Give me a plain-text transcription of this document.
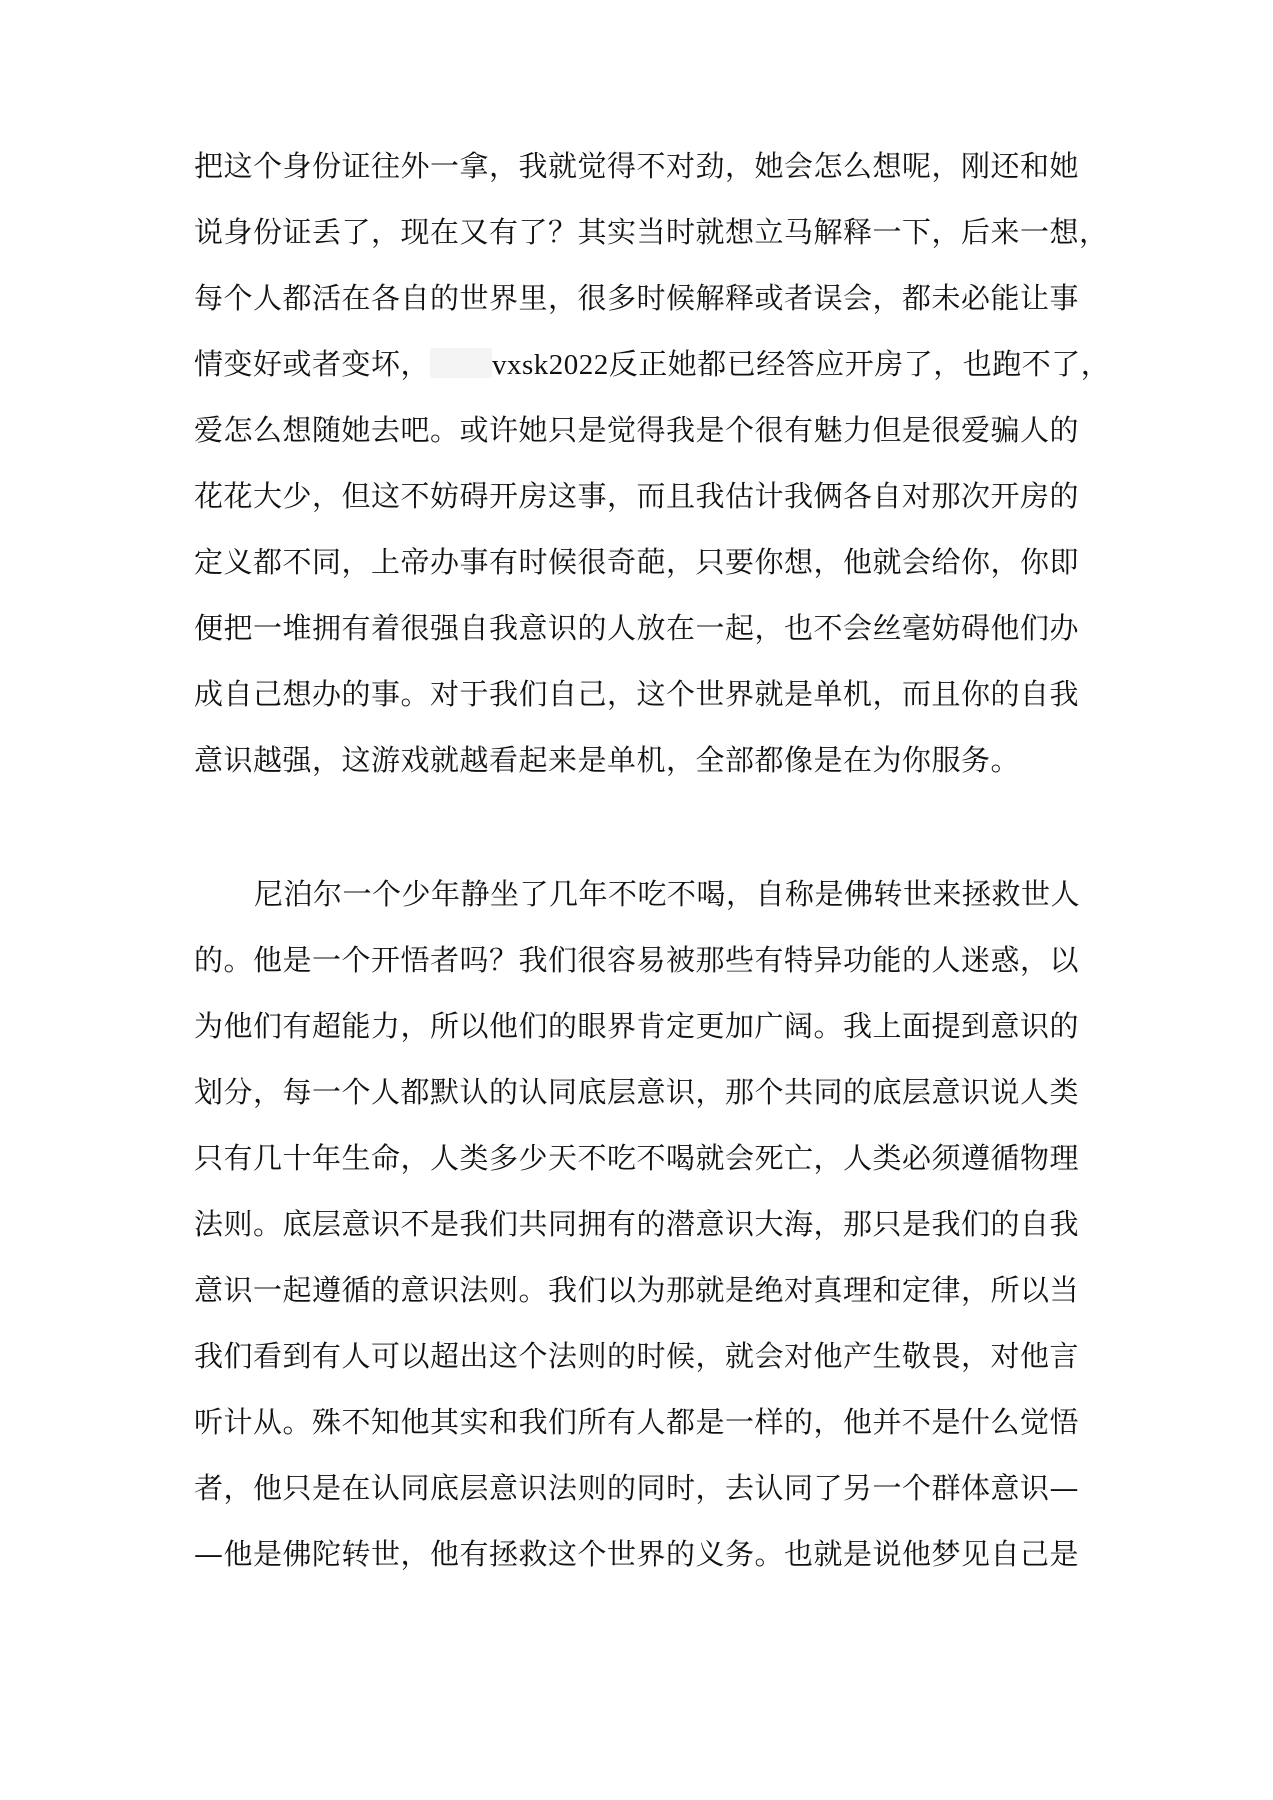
把这个身份证往外一拿，我就觉得不对劲，她会怎么想呢，刚还和她
说身份证丢了，现在又有了？其实当时就想立马解释一下，后来一想，
每个人都活在各自的世界里，很多时候解释或者误会，都未必能让事
情变好或者变坏， vxsk2022反正她都已经答应开房了，也跑不了，
爱怎么想随她去吧。或许她只是觉得我是个很有魅力但是很爱骗人的
花花大少，但这不妨碍开房这事，而且我估计我俩各自对那次开房的
定义都不同，上帝办事有时候很奇葩，只要你想，他就会给你，你即
便把一堆拥有着很强自我意识的人放在一起，也不会丝毫妨碍他们办
成自己想办的事。对于我们自己，这个世界就是单机，而且你的自我
意识越强，这游戏就越看起来是单机，全部都像是在为你服务。
尼泊尔一个少年静坐了几年不吃不喝，自称是佛转世来拯救世人
的。他是一个开悟者吗？我们很容易被那些有特异功能的人迷惑，以
为他们有超能力，所以他们的眼界肯定更加广阔。我上面提到意识的
划分，每一个人都默认的认同底层意识，那个共同的底层意识说人类
只有几十年生命，人类多少天不吃不喝就会死亡，人类必须遵循物理
法则。底层意识不是我们共同拥有的潜意识大海，那只是我们的自我
意识一起遵循的意识法则。我们以为那就是绝对真理和定律，所以当
我们看到有人可以超出这个法则的时候，就会对他产生敬畏，对他言
听计从。殊不知他其实和我们所有人都是一样的，他并不是什么觉悟
者，他只是在认同底层意识法则的同时，去认同了另一个群体意识—
—他是佛陀转世，他有拯救这个世界的义务。也就是说他梦见自己是
